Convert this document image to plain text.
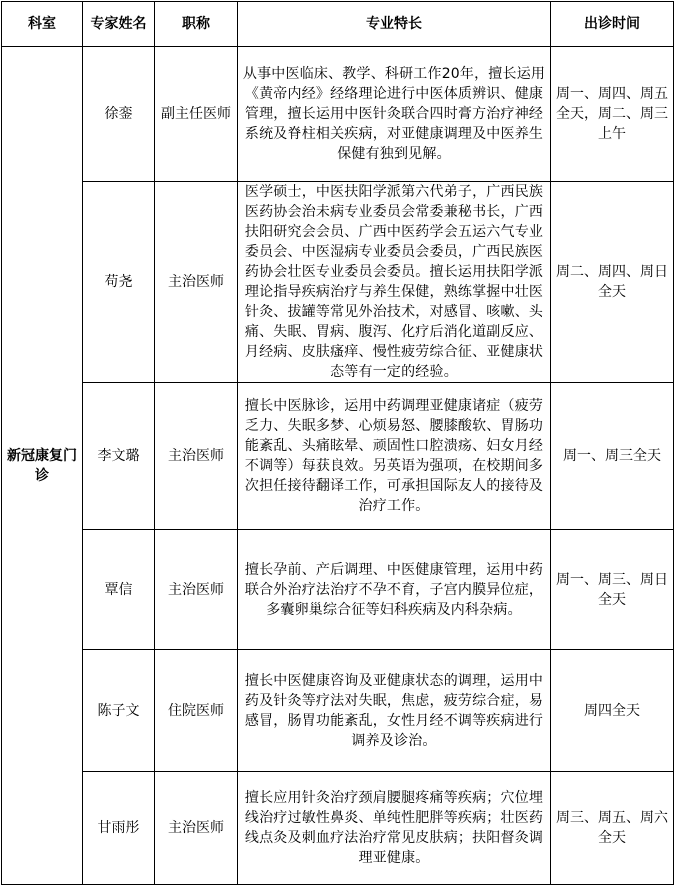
科室	专家姓名	职称	专业特长	出诊时间
新冠康复门诊	徐銮	副主任医师	从事中医临床、教学、科研工作20年，擅长运用《黄帝内经》经络理论进行中医体质辨识、健康管理，擅长运用中医针灸联合四时膏方治疗神经系统及脊柱相关疾病，对亚健康调理及中医养生保健有独到见解。	周一、周四、周五全天，周二、周三上午
	苟尧	主治医师	医学硕士，中医扶阳学派第六代弟子，广西民族医药协会治未病专业委员会常委兼秘书长，广西扶阳研究会会员、广西中医药学会五运六气专业委员会、中医湿病专业委员会委员，广西民族医药协会壮医专业委员会委员。擅长运用扶阳学派理论指导疾病治疗与养生保健，熟练掌握中壮医针灸、拔罐等常见外治技术，对感冒、咳嗽、头痛、失眠、胃病、腹泻、化疗后消化道副反应、月经病、皮肤瘙痒、慢性疲劳综合征、亚健康状态等有一定的经验。	周二、周四、周日全天
	李文璐	主治医师	擅长中医脉诊，运用中药调理亚健康诸症（疲劳乏力、失眠多梦、心烦易怒、腰膝酸软、胃肠功能紊乱、头痛眩晕、顽固性口腔溃疡、妇女月经不调等）每获良效。另英语为强项，在校期间多次担任接待翻译工作，可承担国际友人的接待及治疗工作。	周一、周三全天
	覃信	主治医师	擅长孕前、产后调理、中医健康管理，运用中药联合外治疗法治疗不孕不育，子宫内膜异位症，多囊卵巢综合征等妇科疾病及内科杂病。	周一、周三、周日全天
	陈子文	住院医师	擅长中医健康咨询及亚健康状态的调理，运用中药及针灸等疗法对失眠，焦虑，疲劳综合症，易感冒，肠胃功能紊乱，女性月经不调等疾病进行调养及诊治。	周四全天
	甘雨彤	主治医师	擅长应用针灸治疗颈肩腰腿疼痛等疾病；穴位埋线治疗过敏性鼻炎、单纯性肥胖等疾病；壮医药线点灸及刺血疗法治疗常见皮肤病；扶阳督灸调理亚健康。	周三、周五、周六全天
